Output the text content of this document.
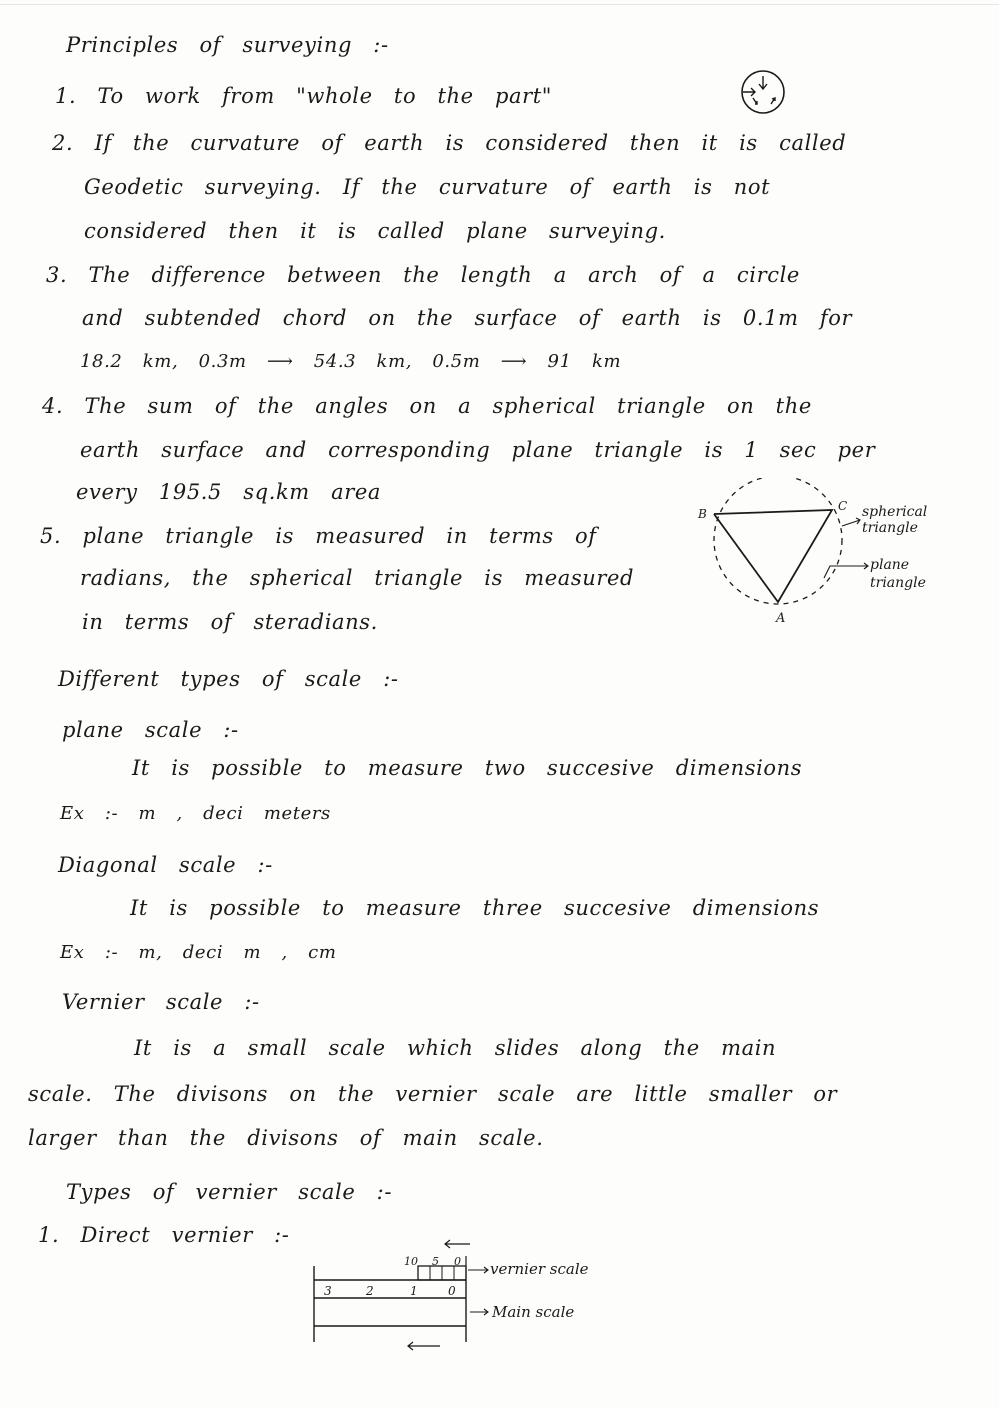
Principles of surveying :-
1. To work from "whole to the part"
2. If the curvature of earth is considered then it is called
Geodetic surveying. If the curvature of earth is not
considered then it is called plane surveying.
3. The difference between the length a arch of a circle
and subtended chord on the surface of earth is 0.1m for
18.2 km, 0.3m ⟶ 54.3 km, 0.5m ⟶ 91 km
4. The sum of the angles on a spherical triangle on the
earth surface and corresponding plane triangle is 1 sec per
every 195.5 sq.km area
5. plane triangle is measured in terms of
radians, the spherical triangle is measured
in terms of steradians.
B
C
A
spherical triangle
plane triangle
Different types of scale :-
plane scale :-
It is possible to measure two succesive dimensions
Ex :- m , deci meters
Diagonal scale :-
It is possible to measure three succesive dimensions
Ex :- m, deci m , cm
Vernier scale :-
It is a small scale which slides along the main
scale. The divisons on the vernier scale are little smaller or
larger than the divisons of main scale.
Types of vernier scale :-
1. Direct vernier :-
10 5 0 vernier scale
3	2	1	0
Main scale
